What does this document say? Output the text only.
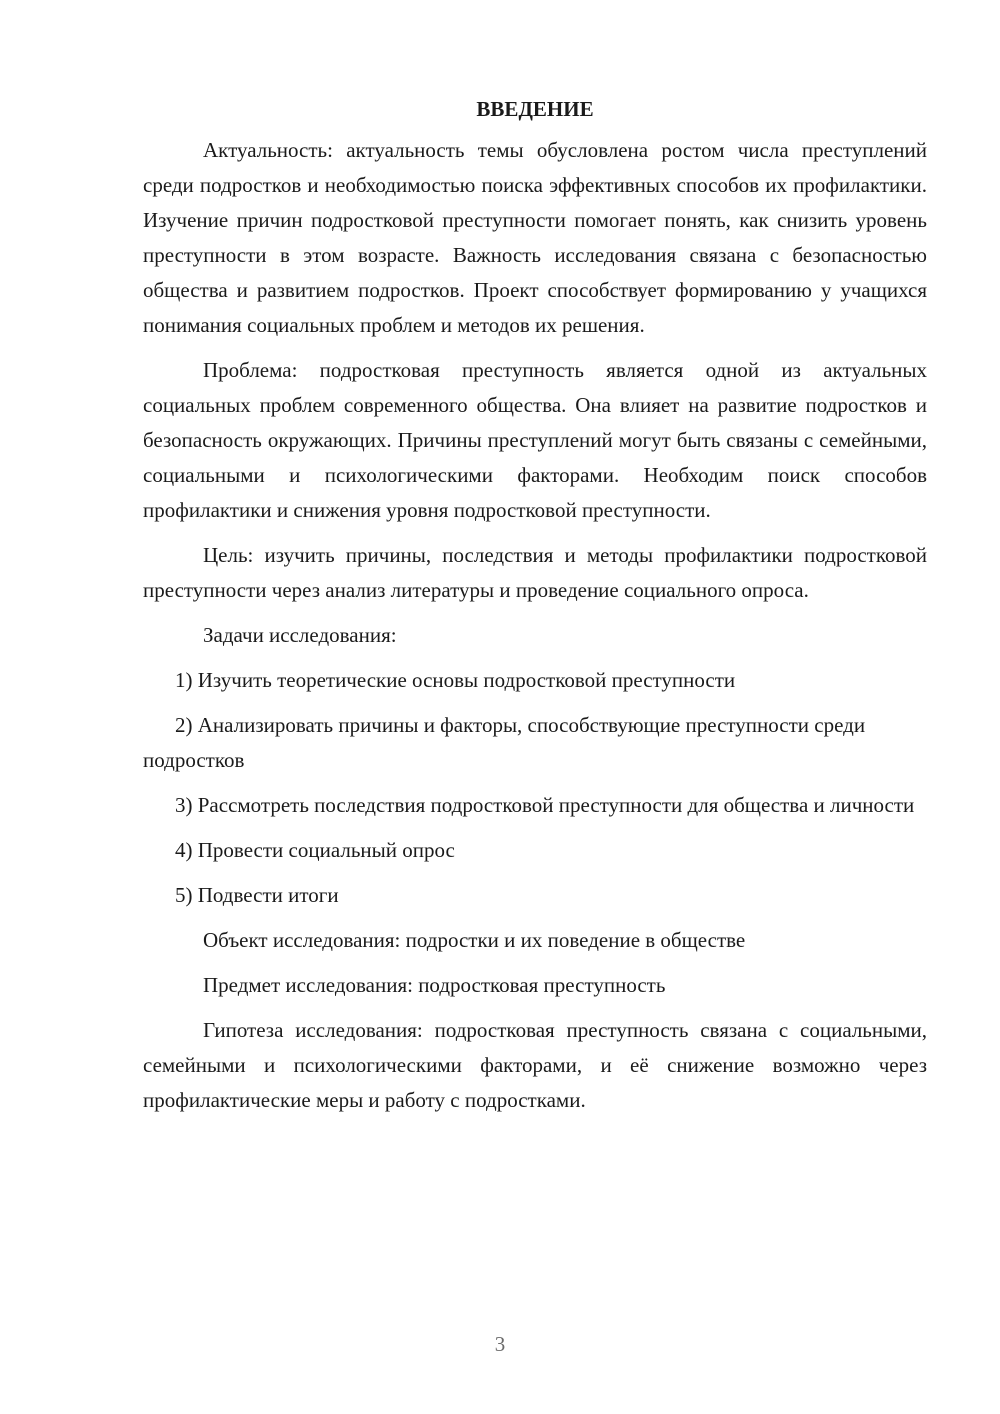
ВВЕДЕНИЕ

Актуальность: актуальность темы обусловлена ростом числа преступлений среди подростков и необходимостью поиска эффективных способов их профилактики. Изучение причин подростковой преступности помогает понять, как снизить уровень преступности в этом возрасте. Важность исследования связана с безопасностью общества и развитием подростков. Проект способствует формированию у учащихся понимания социальных проблем и методов их решения.

Проблема: подростковая преступность является одной из актуальных социальных проблем современного общества. Она влияет на развитие подростков и безопасность окружающих. Причины преступлений могут быть связаны с семейными, социальными и психологическими факторами. Необходим поиск способов профилактики и снижения уровня подростковой преступности.

Цель: изучить причины, последствия и методы профилактики подростковой преступности через анализ литературы и проведение социального опроса.

Задачи исследования:

1) Изучить теоретические основы подростковой преступности

2) Анализировать причины и факторы, способствующие преступности среди подростков

3) Рассмотреть последствия подростковой преступности для общества и личности

4) Провести социальный опрос

5) Подвести итоги

Объект исследования: подростки и их поведение в обществе

Предмет исследования: подростковая преступность

Гипотеза исследования: подростковая преступность связана с социальными, семейными и психологическими факторами, и её снижение возможно через профилактические меры и работу с подростками.

3
